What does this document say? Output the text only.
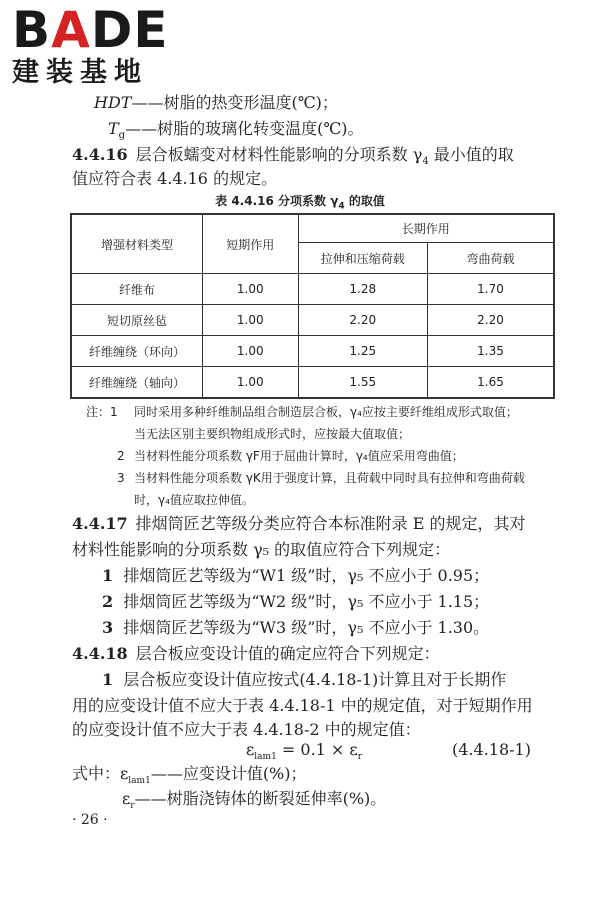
BADE
建装基地
HDT——树脂的热变形温度(℃)；
$T_g——$树脂的玻璃化转变温度(℃)。
4.4.16 层合板蠕变对材料性能影响的分项系数 $\gamma_4$ 最小值的取
值应符合表 4.4.16 的规定。
表 4.4.16 分项系数 $\gamma_4$ 的取值
增强材料类型	短期作用	长期作用	
		拉伸和压缩荷载	弯曲荷载
纤维布	1.00	1.28	1.70
短切原丝毡	1.00	2.20	2.20
纤维缠绕（环向）	1.00	1.25	1.35
纤维缠绕（轴向）	1.00	1.55	1.65
注：1 同时采用多种纤维制品组合制造层合板，γ₄应按主要纤维组成形式取值；
当无法区别主要织物组成形式时，应按最大值取值；
2 当材料性能分项系数 γF用于屈曲计算时，γ₄值应采用弯曲值；
3 当材料性能分项系数 γK用于强度计算，且荷载中同时具有拉伸和弯曲荷载
时，γ₄值应取拉伸值。
4.4.17 排烟筒匠艺等级分类应符合本标准附录 E 的规定，其对
材料性能影响的分项系数 γ₅ 的取值应符合下列规定：
1 排烟筒匠艺等级为“W1 级”时，γ₅ 不应小于 0.95；
2 排烟筒匠艺等级为“W2 级”时，γ₅ 不应小于 1.15；
3 排烟筒匠艺等级为“W3 级”时，γ₅ 不应小于 1.30。
4.4.18 层合板应变设计值的确定应符合下列规定：
1 层合板应变设计值应按式(4.4.18-1)计算且对于长期作
用的应变设计值不应大于表 4.4.18-1 中的规定值，对于短期作用
的应变设计值不应大于表 4.4.18-2 中的规定值：
$\varepsilon_{lam1} = 0.1 \times \varepsilon_r$	(4.4.18-1)
式中：$\varepsilon_{lam1}——$应变设计值(%)；
$\varepsilon_r——$树脂浇铸体的断裂延伸率(%)。
· 26 ·
